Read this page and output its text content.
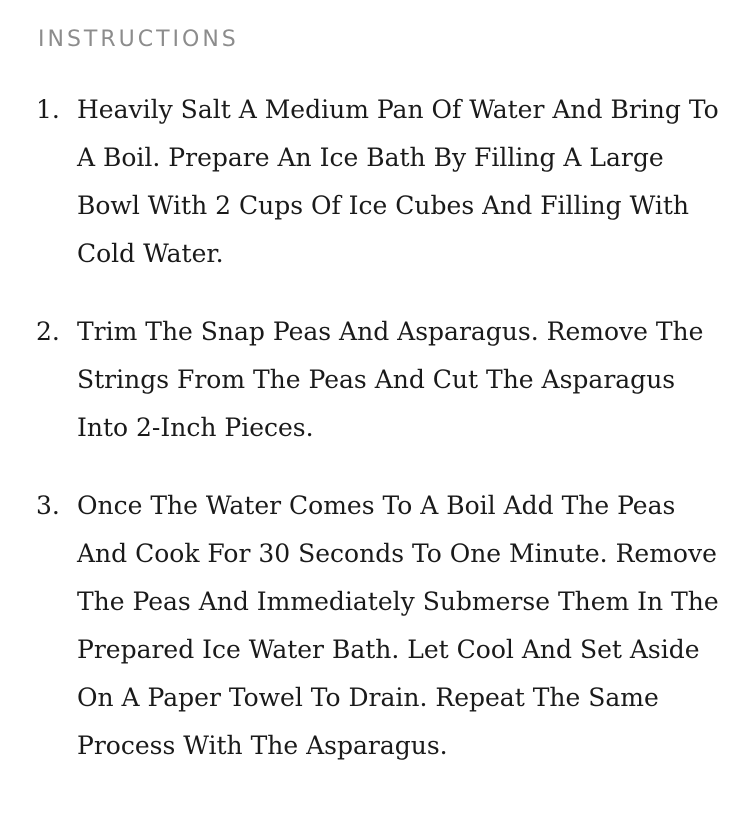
INSTRUCTIONS
1. Heavily Salt A Medium Pan Of Water And Bring To A Boil. Prepare An Ice Bath By Filling A Large Bowl With 2 Cups Of Ice Cubes And Filling With Cold Water.
2. Trim The Snap Peas And Asparagus. Remove The Strings From The Peas And Cut The Asparagus Into 2-Inch Pieces.
3. Once The Water Comes To A Boil Add The Peas And Cook For 30 Seconds To One Minute. Remove The Peas And Immediately Submerse Them In The Prepared Ice Water Bath. Let Cool And Set Aside On A Paper Towel To Drain. Repeat The Same Process With The Asparagus.
